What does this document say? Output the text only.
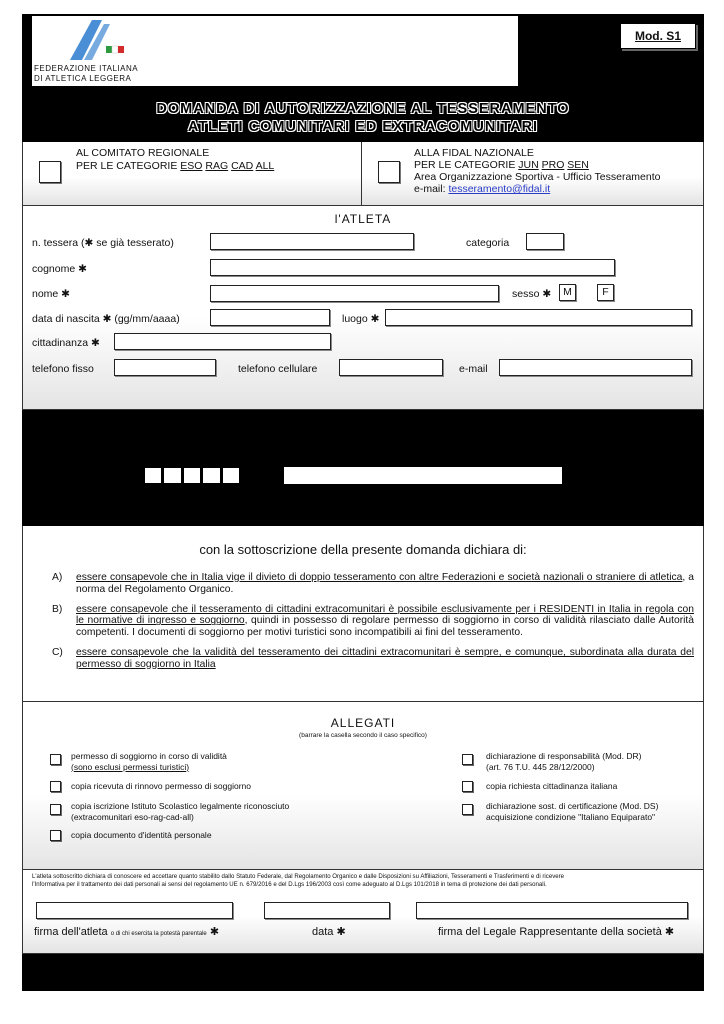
FEDERAZIONE ITALIANA
DI ATLETICA LEGGERA
Mod. S1
DOMANDA DI AUTORIZZAZIONE AL TESSERAMENTO
ATLETI COMUNITARI ED EXTRACOMUNITARI
AL COMITATO REGIONALE
PER LE CATEGORIE ESO RAG CAD ALL
ALLA FIDAL NAZIONALE
PER LE CATEGORIE JUN PRO SEN
Area Organizzazione Sportiva - Ufficio Tesseramento
e-mail: tesseramento@fidal.it
l'ATLETA
n. tessera (✱ se già tesserato)	categoria
cognome ✱
nome ✱	sesso ✱	M	F
data di nascita ✱ (gg/mm/aaaa)	luogo ✱
cittadinanza ✱
telefono fisso	telefono cellulare	e-mail
con la sottoscrizione della presente domanda dichiara di:
A)	essere consapevole che in Italia vige il divieto di doppio tesseramento con altre Federazioni e società nazionali o straniere di atletica, a norma del Regolamento Organico.

B)	essere consapevole che il tesseramento di cittadini extracomunitari è possibile esclusivamente per i RESIDENTI in Italia in regola con le normative di ingresso e soggiorno, quindi in possesso di regolare permesso di soggiorno in corso di validità rilasciato dalle Autorità competenti. I documenti di soggiorno per motivi turistici sono incompatibili ai fini del tesseramento.

C)	essere consapevole che la validità del tesseramento dei cittadini extracomunitari è sempre, e comunque, subordinata alla durata del permesso di soggiorno in Italia

ALLEGATI
(barrare la casella secondo il caso specifico)
permesso di soggiorno in corso di validità
(sono esclusi permessi turistici)
copia ricevuta di rinnovo permesso di soggiorno
copia iscrizione Istituto Scolastico legalmente riconosciuto
(extracomunitari eso-rag-cad-all)
copia documento d'identità personale
dichiarazione di responsabilità (Mod. DR)
(art. 76 T.U. 445 28/12/2000)
copia richiesta cittadinanza italiana
dichiarazione sost. di certificazione (Mod. DS)
acquisizione condizione "Italiano Equiparato"
L'atleta sottoscritto dichiara di conoscere ed accettare quanto stabilito dallo Statuto Federale, dal Regolamento Organico e dalle Disposizioni su Affiliazioni, Tesseramenti e Trasferimenti e di ricevere
l'Informativa per il trattamento dei dati personali ai sensi del regolamento UE n. 679/2016 e del D.Lgs 196/2003 così come adeguato al D.Lgs 101/2018 in tema di protezione dei dati personali.
firma dell'atleta o di chi esercita la potestà parentale ✱	data ✱	firma del Legale Rappresentante della società ✱
